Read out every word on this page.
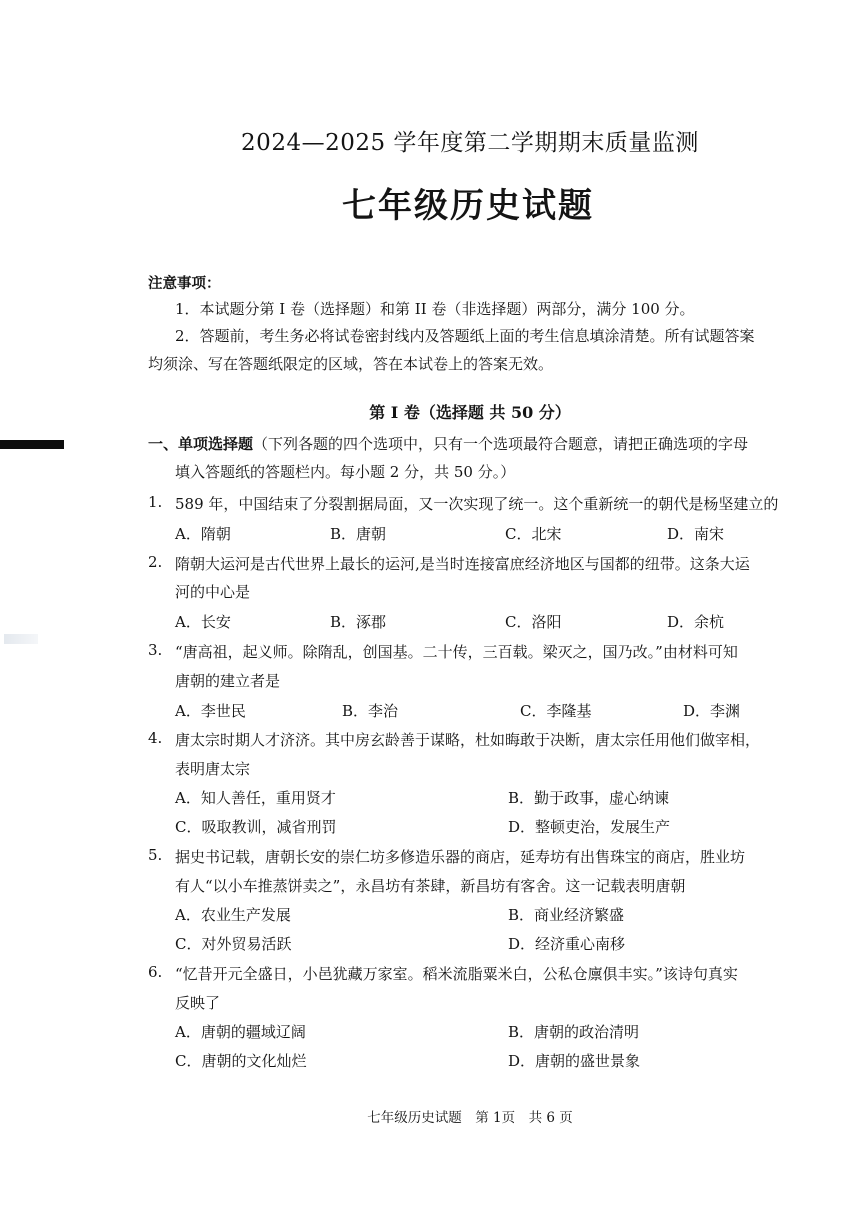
2024—2025 学年度第二学期期末质量监测
七年级历史试题
注意事项：
1．本试题分第 I 卷（选择题）和第 II 卷（非选择题）两部分，满分 100 分。
2．答题前，考生务必将试卷密封线内及答题纸上面的考生信息填涂清楚。所有试题答案
均须涂、写在答题纸限定的区域，答在本试卷上的答案无效。
第 I 卷（选择题 共 50 分）
一、单项选择题（下列各题的四个选项中，只有一个选项最符合题意，请把正确选项的字母
填入答题纸的答题栏内。每小题 2 分，共 50 分。）
1. 589 年，中国结束了分裂割据局面，又一次实现了统一。这个重新统一的朝代是杨坚建立的
A．隋朝	B．唐朝	C．北宋	D．南宋
2. 隋朝大运河是古代世界上最长的运河,是当时连接富庶经济地区与国都的纽带。这条大运
河的中心是
A．长安	B．涿郡	C．洛阳	D．余杭
3. “唐高祖，起义师。除隋乱，创国基。二十传，三百载。梁灭之，国乃改。”由材料可知
唐朝的建立者是
A．李世民	B．李治	C．李隆基	D．李渊
4. 唐太宗时期人才济济。其中房玄龄善于谋略，杜如晦敢于决断，唐太宗任用他们做宰相，
表明唐太宗
A．知人善任，重用贤才	B．勤于政事，虚心纳谏
C．吸取教训，减省刑罚	D．整顿吏治，发展生产
5. 据史书记载，唐朝长安的崇仁坊多修造乐器的商店，延寿坊有出售珠宝的商店，胜业坊
有人“以小车推蒸饼卖之”，永昌坊有茶肆，新昌坊有客舍。这一记载表明唐朝
A．农业生产发展	B．商业经济繁盛
C．对外贸易活跃	D．经济重心南移
6. “忆昔开元全盛日，小邑犹藏万家室。稻米流脂粟米白，公私仓廪俱丰实。”该诗句真实
反映了
A．唐朝的疆域辽阔	B．唐朝的政治清明
C．唐朝的文化灿烂	D．唐朝的盛世景象
七年级历史试题　第 1页　共 6 页
